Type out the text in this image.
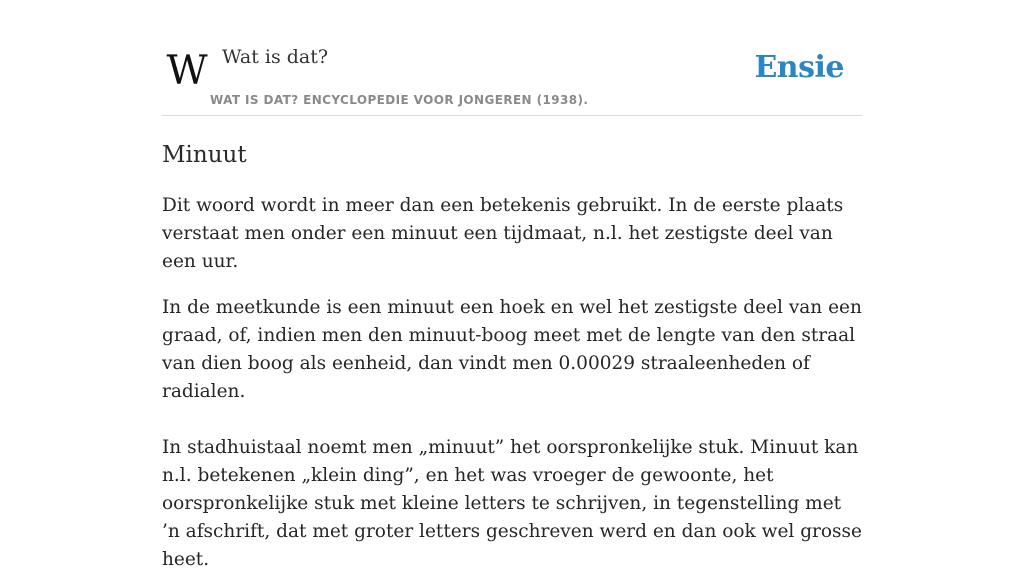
W Wat is dat?
WAT IS DAT? ENCYCLOPEDIE VOOR JONGEREN (1938).
Ensie
Minuut

Dit woord wordt in meer dan een betekenis gebruikt. In de eerste plaats verstaat men onder een minuut een tijdmaat, n.l. het zestigste deel van een uur.

In de meetkunde is een minuut een hoek en wel het zestigste deel van een graad, of, indien men den minuut-boog meet met de lengte van den straal van dien boog als eenheid, dan vindt men 0.00029 straaleenheden of radialen.

In stadhuistaal noemt men „minuut” het oorspronkelijke stuk. Minuut kan n.l. betekenen „klein ding”, en het was vroeger de gewoonte, het oorspronkelijke stuk met kleine letters te schrijven, in tegenstelling met ’n afschrift, dat met groter letters geschreven werd en dan ook wel grosse heet.
